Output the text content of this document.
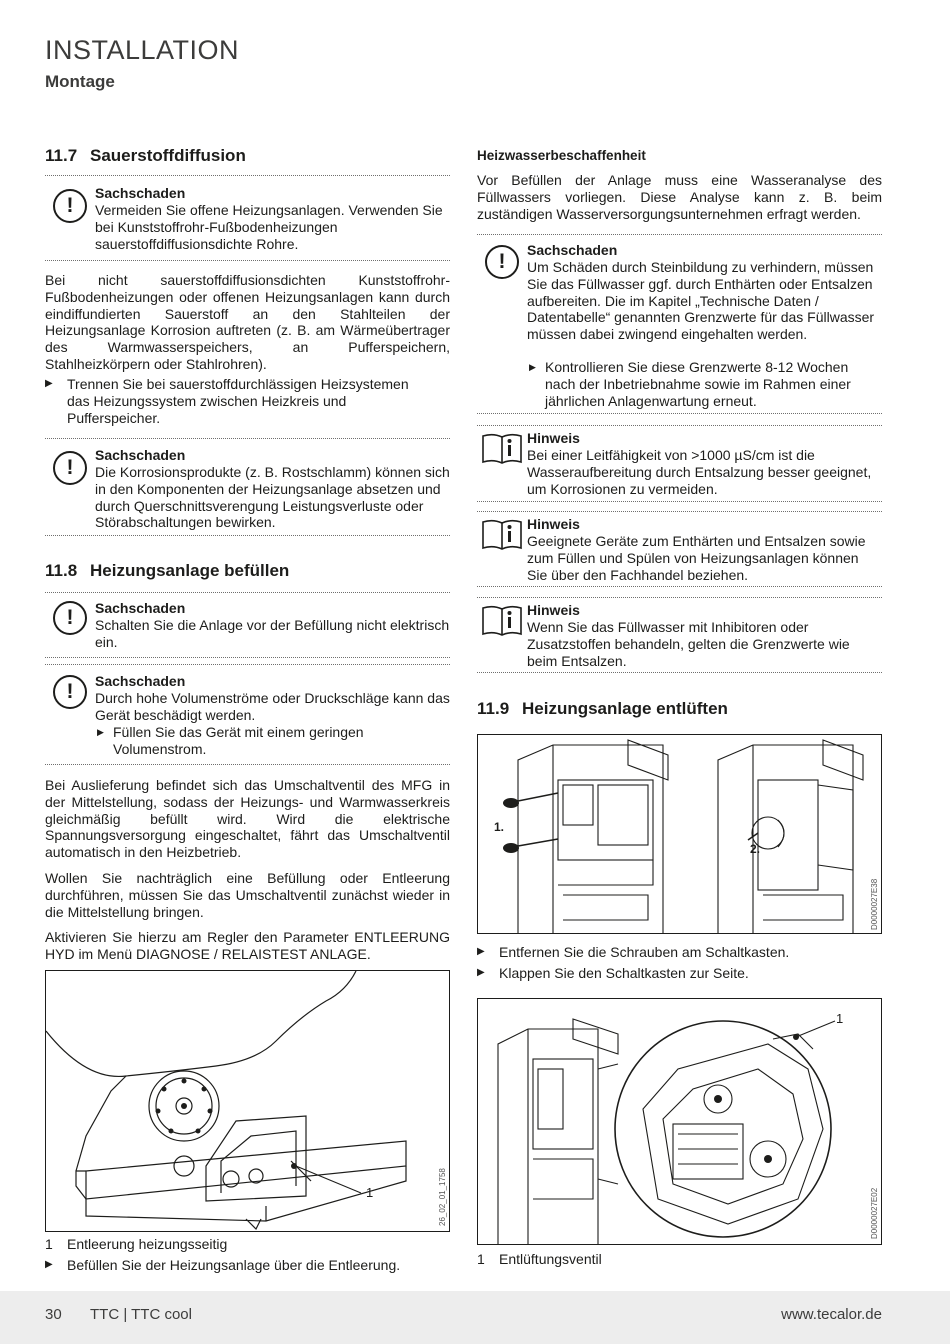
INSTALLATION
Montage
11.7 Sauerstoffdiffusion
!
Sachschaden
Vermeiden Sie offene Heizungsanlagen. Verwenden Sie bei Kunststoffrohr-Fußbodenheizungen sauerstoffdiffusionsdichte Rohre.
Bei nicht sauerstoffdiffusionsdichten Kunststoffrohr-Fußbodenheizungen oder offenen Heizungsanlagen kann durch eindiffundierten Sauerstoff an den Stahlteilen der Heizungsanlage Korrosion auftreten (z. B. am Wärmeübertrager des Warmwasserspeichers, an Pufferspeichern, Stahlheizkörpern oder Stahlrohren).
▶ Trennen Sie bei sauerstoffdurchlässigen Heizsystemen das Heizungssystem zwischen Heizkreis und Pufferspeicher.
!
Sachschaden
Die Korrosionsprodukte (z. B. Rostschlamm) können sich in den Komponenten der Heizungsanlage absetzen und durch Querschnittsverengung Leistungsverluste oder Störabschaltungen bewirken.
11.8 Heizungsanlage befüllen
!	Sachschaden
Schalten Sie die Anlage vor der Befüllung nicht elektrisch ein.
!	Sachschaden
Durch hohe Volumenströme oder Druckschläge kann das Gerät beschädigt werden.
▶ Füllen Sie das Gerät mit einem geringen Volumenstrom.
Bei Auslieferung befindet sich das Umschaltventil des MFG in der Mittelstellung, sodass der Heizungs- und Warmwasserkreis gleichmäßig befüllt wird. Wird die elektrische Spannungsversorgung eingeschaltet, fährt das Umschaltventil automatisch in den Heizbetrieb.
Wollen Sie nachträglich eine Befüllung oder Entleerung durchführen, müssen Sie das Umschaltventil zunächst wieder in die Mittelstellung bringen.
Aktivieren Sie hierzu am Regler den Parameter ENTLEERUNG HYD im Menü DIAGNOSE / RELAISTEST ANLAGE.
1	26_02_01_1758
1 Entleerung heizungsseitig
▶ Befüllen Sie der Heizungsanlage über die Entleerung.
Heizwasserbeschaffenheit
Vor Befüllen der Anlage muss eine Wasseranalyse des Füllwassers vorliegen. Diese Analyse kann z. B. beim zuständigen Wasserversorgungsunternehmen erfragt werden.
!	Sachschaden
Um Schäden durch Steinbildung zu verhindern, müssen Sie das Füllwasser ggf. durch Enthärten oder Entsalzen aufbereiten. Die im Kapitel „Technische Daten / Datentabelle“ genannten Grenzwerte für das Füllwasser müssen dabei zwingend eingehalten werden.
▶ Kontrollieren Sie diese Grenzwerte 8-12 Wochen nach der Inbetriebnahme sowie im Rahmen einer jährlichen Anlagenwartung erneut.
Hinweis
Bei einer Leitfähigkeit von >1000 µS/cm ist die Wasseraufbereitung durch Entsalzung besser geeignet, um Korrosionen zu vermeiden.
Hinweis
Geeignete Geräte zum Enthärten und Entsalzen sowie zum Füllen und Spülen von Heizungsanlagen können Sie über den Fachhandel beziehen.
Hinweis
Wenn Sie das Füllwasser mit Inhibitoren oder Zusatzstoffen behandeln, gelten die Grenzwerte wie beim Entsalzen.
11.9 Heizungsanlage entlüften
1.
2.
D0000027E38
▶ Entfernen Sie die Schrauben am Schaltkasten.
▶ Klappen Sie den Schaltkasten zur Seite.
1
D0000027E02
1 Entlüftungsventil
30 TTC | TTC cool	www.tecalor.de
